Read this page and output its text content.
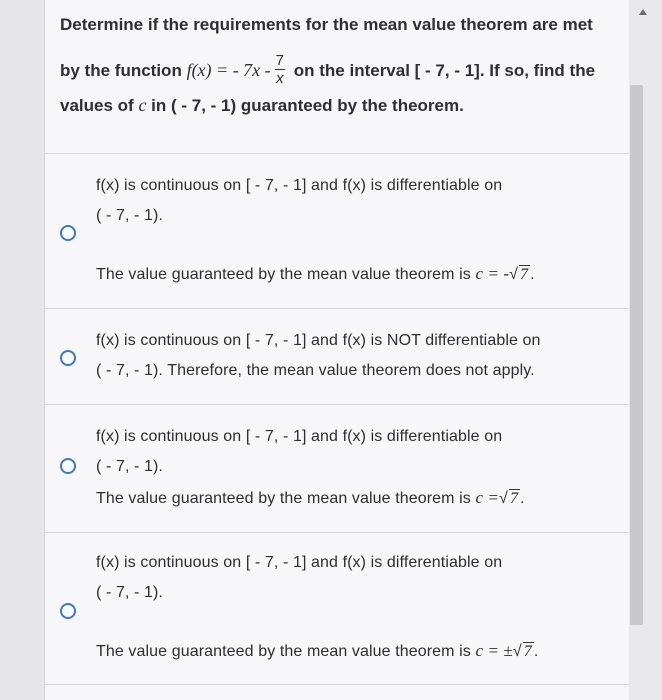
Determine if the requirements for the mean value theorem are met
by the function f(x) = - $7x - \frac{7}{x}$ on the interval [ - 7, - 1]. If so, find the
values of c in ( - 7, - 1) guaranteed by the theorem.
f(x) is continuous on [ - 7, - 1] and f(x) is differentiable on
( - 7, - 1).
The value guaranteed by the mean value theorem is c = -√ 7 .
f(x) is continuous on [ - 7, - 1] and f(x) is NOT differentiable on
( - 7, - 1). Therefore, the mean value theorem does not apply.
f(x) is continuous on [ - 7, - 1] and f(x) is differentiable on
( - 7, - 1).
The value guaranteed by the mean value theorem is c =√ 7 .
f(x) is continuous on [ - 7, - 1] and f(x) is differentiable on
( - 7, - 1).
The value guaranteed by the mean value theorem is c = ±√ 7 .
